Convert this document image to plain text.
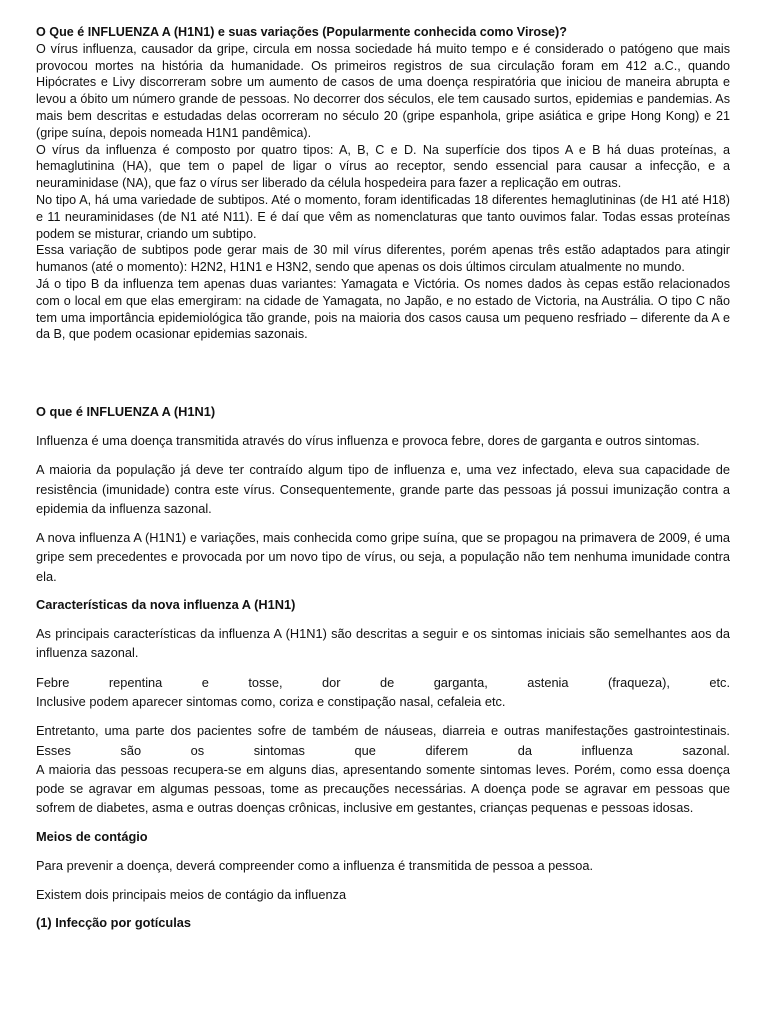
O Que é INFLUENZA A (H1N1) e suas variações (Popularmente conhecida como Virose)?

O vírus influenza, causador da gripe, circula em nossa sociedade há muito tempo e é considerado o patógeno que mais provocou mortes na história da humanidade. Os primeiros registros de sua circulação foram em 412 a.C., quando Hipócrates e Livy discorreram sobre um aumento de casos de uma doença respiratória que iniciou de maneira abrupta e levou a óbito um número grande de pessoas. No decorrer dos séculos, ele tem causado surtos, epidemias e pandemias. As mais bem descritas e estudadas delas ocorreram no século 20 (gripe espanhola, gripe asiática e gripe Hong Kong) e 21 (gripe suína, depois nomeada H1N1 pandêmica).

O vírus da influenza é composto por quatro tipos: A, B, C e D. Na superfície dos tipos A e B há duas proteínas, a hemaglutinina (HA), que tem o papel de ligar o vírus ao receptor, sendo essencial para causar a infecção, e a neuraminidase (NA), que faz o vírus ser liberado da célula hospedeira para fazer a replicação em outras.

No tipo A, há uma variedade de subtipos. Até o momento, foram identificadas 18 diferentes hemaglutininas (de H1 até H18) e 11 neuraminidases (de N1 até N11). E é daí que vêm as nomenclaturas que tanto ouvimos falar. Todas essas proteínas podem se misturar, criando um subtipo.

Essa variação de subtipos pode gerar mais de 30 mil vírus diferentes, porém apenas três estão adaptados para atingir humanos (até o momento): H2N2, H1N1 e H3N2, sendo que apenas os dois últimos circulam atualmente no mundo.

Já o tipo B da influenza tem apenas duas variantes: Yamagata e Victória. Os nomes dados às cepas estão relacionados com o local em que elas emergiram: na cidade de Yamagata, no Japão, e no estado de Victoria, na Austrália. O tipo C não tem uma importância epidemiológica tão grande, pois na maioria dos casos causa um pequeno resfriado – diferente da A e da B, que podem ocasionar epidemias sazonais.

O que é INFLUENZA A (H1N1)

Influenza é uma doença transmitida através do vírus influenza e provoca febre, dores de garganta e outros sintomas.

A maioria da população já deve ter contraído algum tipo de influenza e, uma vez infectado, eleva sua capacidade de resistência (imunidade) contra este vírus. Consequentemente, grande parte das pessoas já possui imunização contra a epidemia da influenza sazonal.

A nova influenza A (H1N1) e variações, mais conhecida como gripe suína, que se propagou na primavera de 2009, é uma gripe sem precedentes e provocada por um novo tipo de vírus, ou seja, a população não tem nenhuma imunidade contra ela.

Características da nova influenza A (H1N1)

As principais características da influenza A (H1N1) são descritas a seguir e os sintomas iniciais são semelhantes aos da influenza sazonal.

Febre repentina e tosse, dor de garganta, astenia (fraqueza), etc.
Inclusive podem aparecer sintomas como, coriza e constipação nasal, cefaleia etc.

Entretanto, uma parte dos pacientes sofre de também de náuseas, diarreia e outras manifestações gastrointestinais. Esses são os sintomas que diferem da influenza sazonal.
A maioria das pessoas recupera-se em alguns dias, apresentando somente sintomas leves. Porém, como essa doença pode se agravar em algumas pessoas, tome as precauções necessárias. A doença pode se agravar em pessoas que sofrem de diabetes, asma e outras doenças crônicas, inclusive em gestantes, crianças pequenas e pessoas idosas.

Meios de contágio

Para prevenir a doença, deverá compreender como a influenza é transmitida de pessoa a pessoa.

Existem dois principais meios de contágio da influenza

(1) Infecção por gotículas
